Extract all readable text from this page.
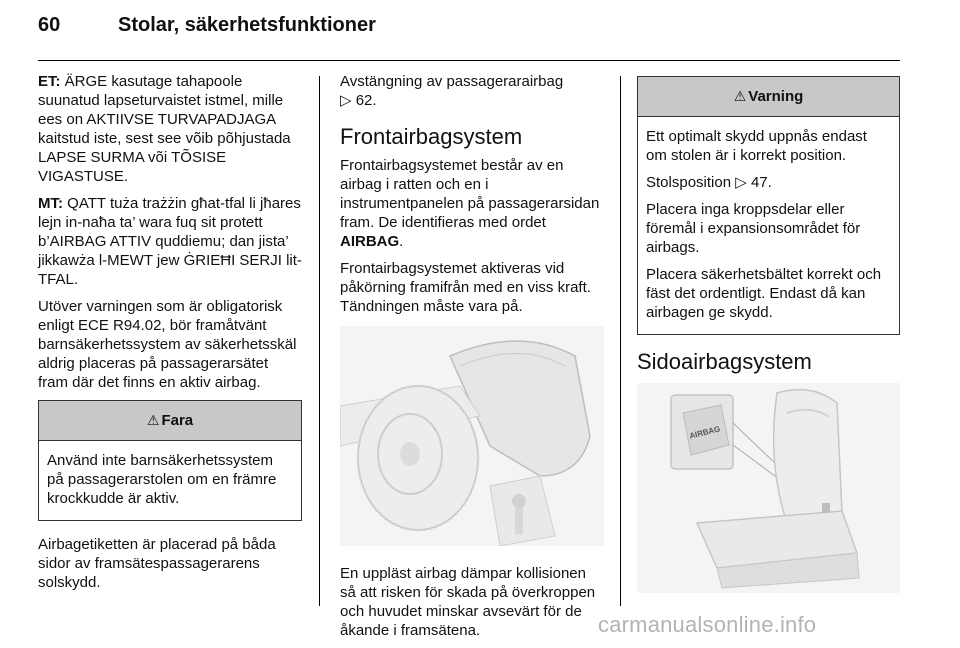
60	Stolar, säkerhetsfunktioner

ET: ÄRGE kasutage tahapoole suunatud lapseturvaistet istmel, mille ees on AKTIIVSE TURVAPADJAGA kaitstud iste, sest see võib põhjustada LAPSE SURMA või TÕSISE VIGASTUSE.

MT: QATT tuża trażżin għat-tfal li jħares lejn in-naħa ta’ wara fuq sit protett b’AIRBAG ATTIV quddiemu; dan jista’ jikkawża l-MEWT jew ĠRIEĦI SERJI lit-TFAL.

Utöver varningen som är obligatorisk enligt ECE R94.02, bör framåtvänt barnsäkerhetssystem av säkerhetsskäl aldrig placeras på passagerarsätet fram där det finns en aktiv airbag.

⚠ Fara

Använd inte barnsäkerhetssystem på passagerarstolen om en främre krockkudde är aktiv.

Airbagetiketten är placerad på båda sidor av framsätespassagerarens solskydd.

Avstängning av passagerarairbag
▷ 62.

Frontairbagsystem

Frontairbagsystemet består av en airbag i ratten och en i instrumentpanelen på passagerarsidan fram. De identifieras med ordet AIRBAG.

Frontairbagsystemet aktiveras vid påkörning framifrån med en viss kraft. Tändningen måste vara på.

En uppläst airbag dämpar kollisionen så att risken för skada på överkroppen och huvudet minskar avsevärt för de åkande i framsätena.

⚠ Varning

Ett optimalt skydd uppnås endast om stolen är i korrekt position.

Stolsposition ▷ 47.

Placera inga kroppsdelar eller föremål i expansionsområdet för airbags.

Placera säkerhetsbältet korrekt och fäst det ordentligt. Endast då kan airbagen ge skydd.

Sidoairbagsystem
AIRBAG
carmanualsonline.info
